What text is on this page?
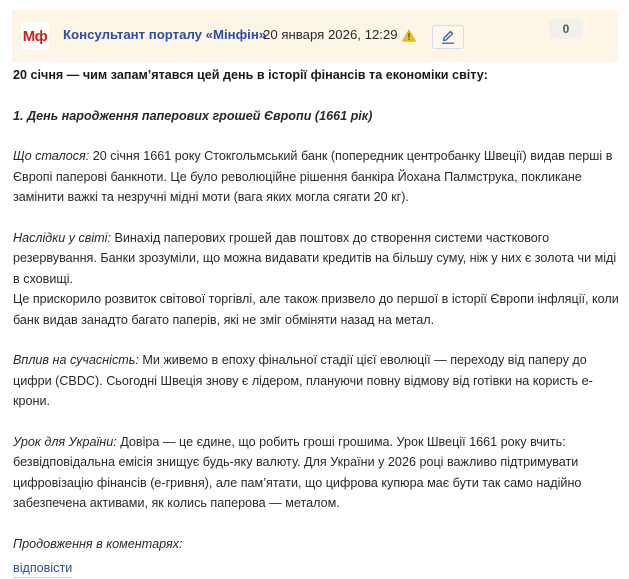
Мф Консультант порталу «Мінфін»
20 января 2026, 12:29	0

20 січня — чим запам’ятався цей день в історії фінансів та економіки світу:

1. День народження паперових грошей Європи (1661 рік)

Що сталося: 20 січня 1661 року Стокгольмський банк (попередник центробанку Швеції) видав перші в Європі паперові банкноти. Це було революційне рішення банкіра Йохана Палмструка, покликане замінити важкі та незручні мідні моти (вага яких могла сягати 20 кг).

Наслідки у світі: Винахід паперових грошей дав поштовх до створення системи часткового резервування. Банки зрозуміли, що можна видавати кредитів на більшу суму, ніж у них є золота чи міді в сховищі.

Це прискорило розвиток світової торгівлі, але також призвело до першої в історії Європи інфляції, коли банк видав занадто багато паперів, які не зміг обміняти назад на метал.

Вплив на сучасність: Ми живемо в епоху фінальної стадії цієї еволюції — переходу від паперу до цифри (CBDC). Сьогодні Швеція знову є лідером, плануючи повну відмову від готівки на користь е-крони.

Урок для України: Довіра — це єдине, що робить гроші грошима. Урок Швеції 1661 року вчить: безвідповідальна емісія знищує будь-яку валюту. Для України у 2026 році важливо підтримувати цифровізацію фінансів (е-гривня), але пам’ятати, що цифрова купюра має бути так само надійно забезпечена активами, як колись паперова — металом.

Продовження в коментарях:

відповісти
